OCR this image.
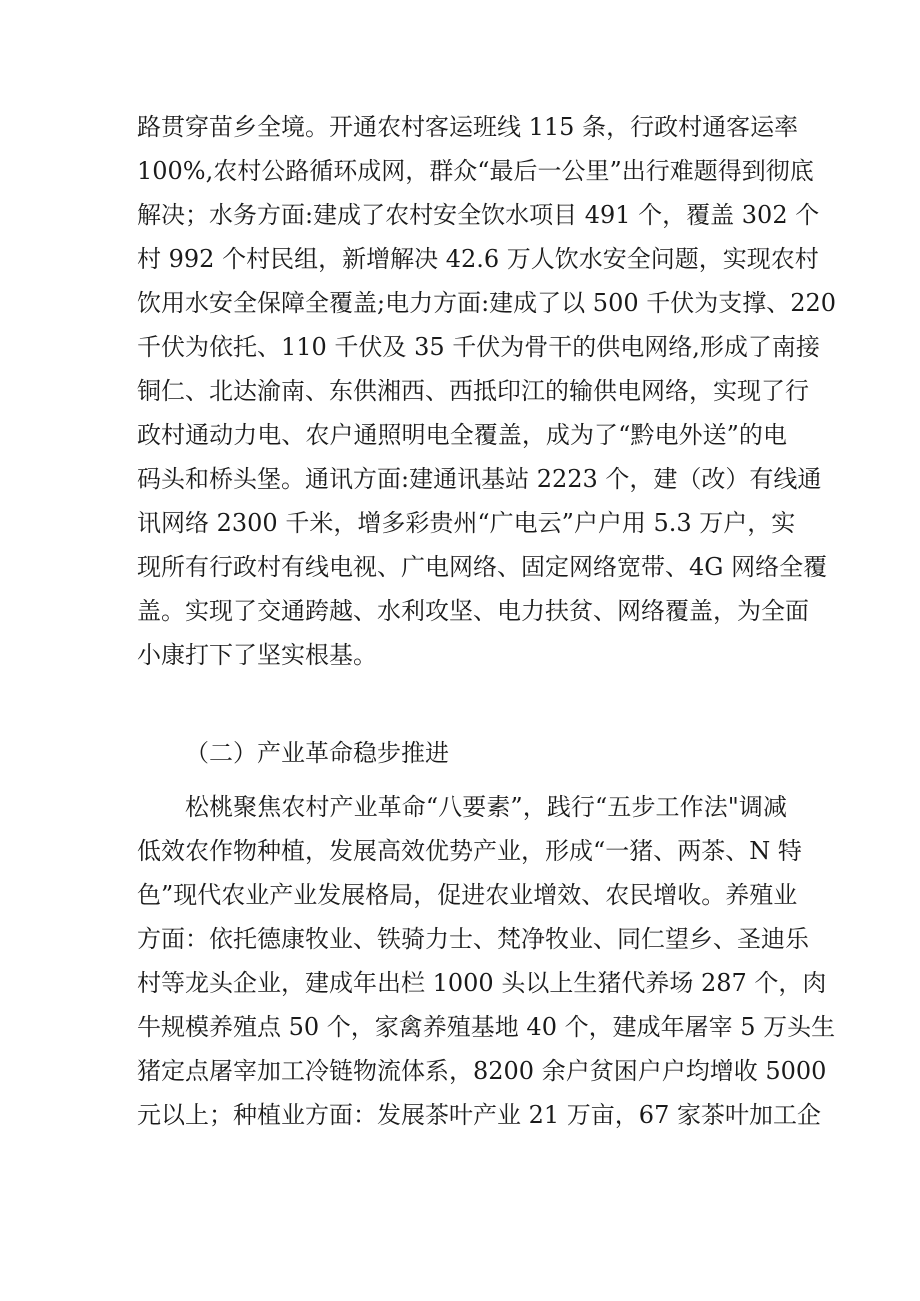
路贯穿苗乡全境。开通农村客运班线 115 条，行政村通客运率
100%,农村公路循环成网，群众“最后一公里”出行难题得到彻底
解决；水务方面:建成了农村安全饮水项目 491 个，覆盖 302 个
村 992 个村民组，新增解决 42.6 万人饮水安全问题，实现农村
饮用水安全保障全覆盖;电力方面:建成了以 500 千伏为支撑、220
千伏为依托、110 千伏及 35 千伏为骨干的供电网络,形成了南接
铜仁、北达渝南、东供湘西、西抵印江的输供电网络，实现了行
政村通动力电、农户通照明电全覆盖，成为了“黔电外送”的电
码头和桥头堡。通讯方面:建通讯基站 2223 个，建（改）有线通
讯网络 2300 千米，增多彩贵州“广电云”户户用 5.3 万户，实
现所有行政村有线电视、广电网络、固定网络宽带、4G 网络全覆
盖。实现了交通跨越、水利攻坚、电力扶贫、网络覆盖，为全面
小康打下了坚实根基。
（二）产业革命稳步推进
松桃聚焦农村产业革命“八要素”，践行“五步工作法"调减
低效农作物种植，发展高效优势产业，形成“一猪、两茶、N 特
色”现代农业产业发展格局，促进农业增效、农民增收。养殖业
方面：依托德康牧业、铁骑力士、梵净牧业、同仁望乡、圣迪乐
村等龙头企业，建成年出栏 1000 头以上生猪代养场 287 个，肉
牛规模养殖点 50 个，家禽养殖基地 40 个，建成年屠宰 5 万头生
猪定点屠宰加工冷链物流体系，8200 余户贫困户户均增收 5000
元以上；种植业方面：发展茶叶产业 21 万亩，67 家茶叶加工企
